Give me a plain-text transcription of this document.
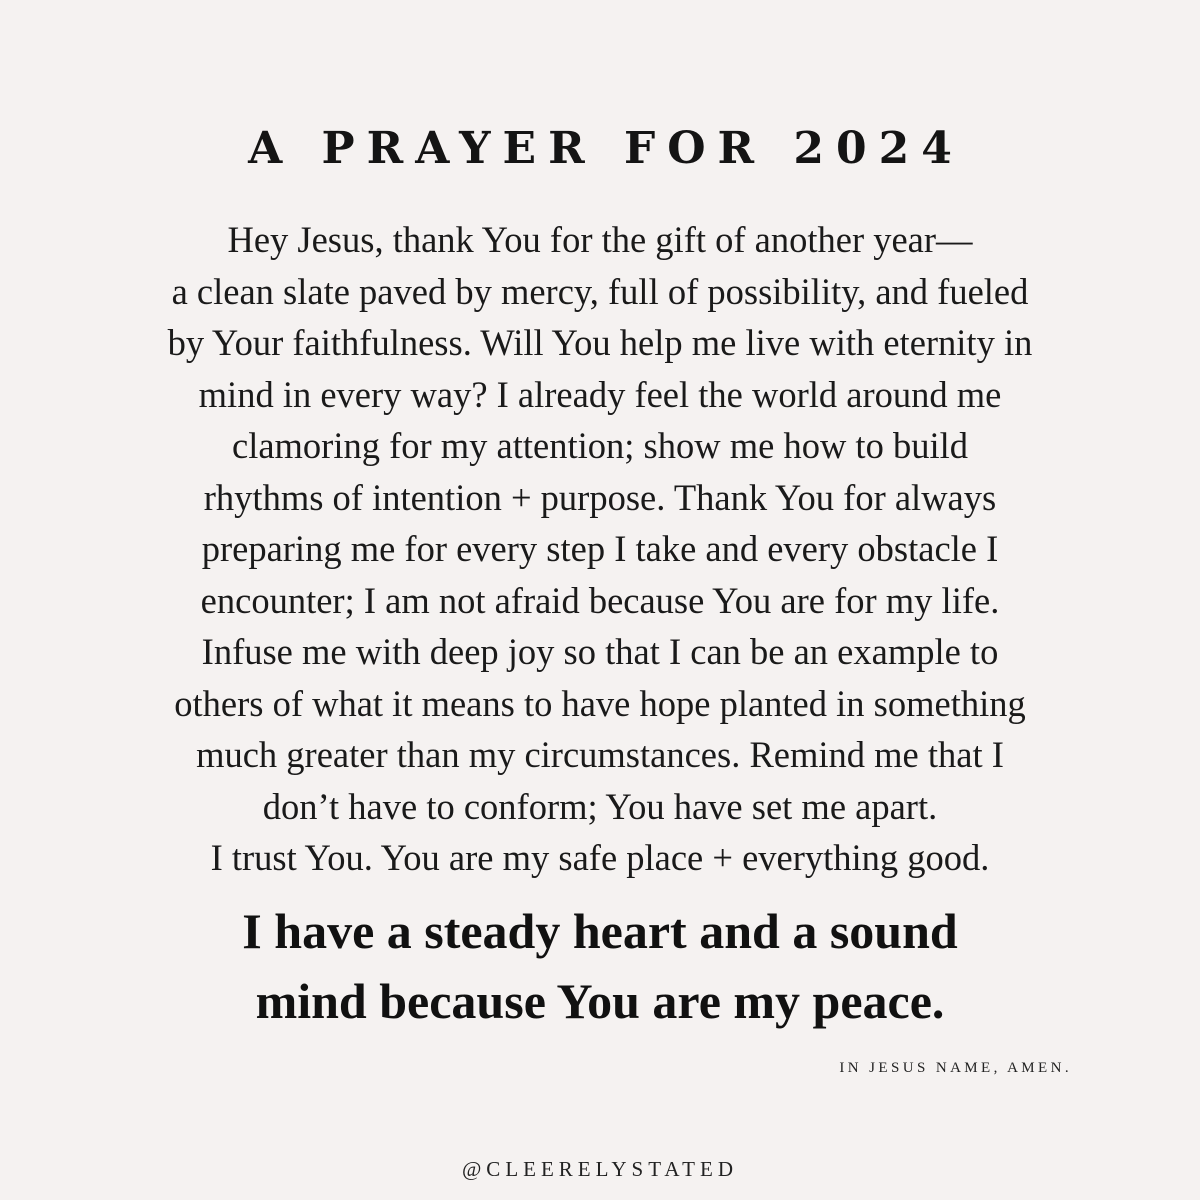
A PRAYER FOR 2024
Hey Jesus, thank You for the gift of another year—
a clean slate paved by mercy, full of possibility, and fueled
by Your faithfulness. Will You help me live with eternity in
mind in every way? I already feel the world around me
clamoring for my attention; show me how to build
rhythms of intention + purpose. Thank You for always
preparing me for every step I take and every obstacle I
encounter; I am not afraid because You are for my life.
Infuse me with deep joy so that I can be an example to
others of what it means to have hope planted in something
much greater than my circumstances. Remind me that I
don’t have to conform; You have set me apart.
I trust You. You are my safe place + everything good.
I have a steady heart and a sound
mind because You are my peace.
IN JESUS NAME, AMEN.
@CLEERELYSTATED
